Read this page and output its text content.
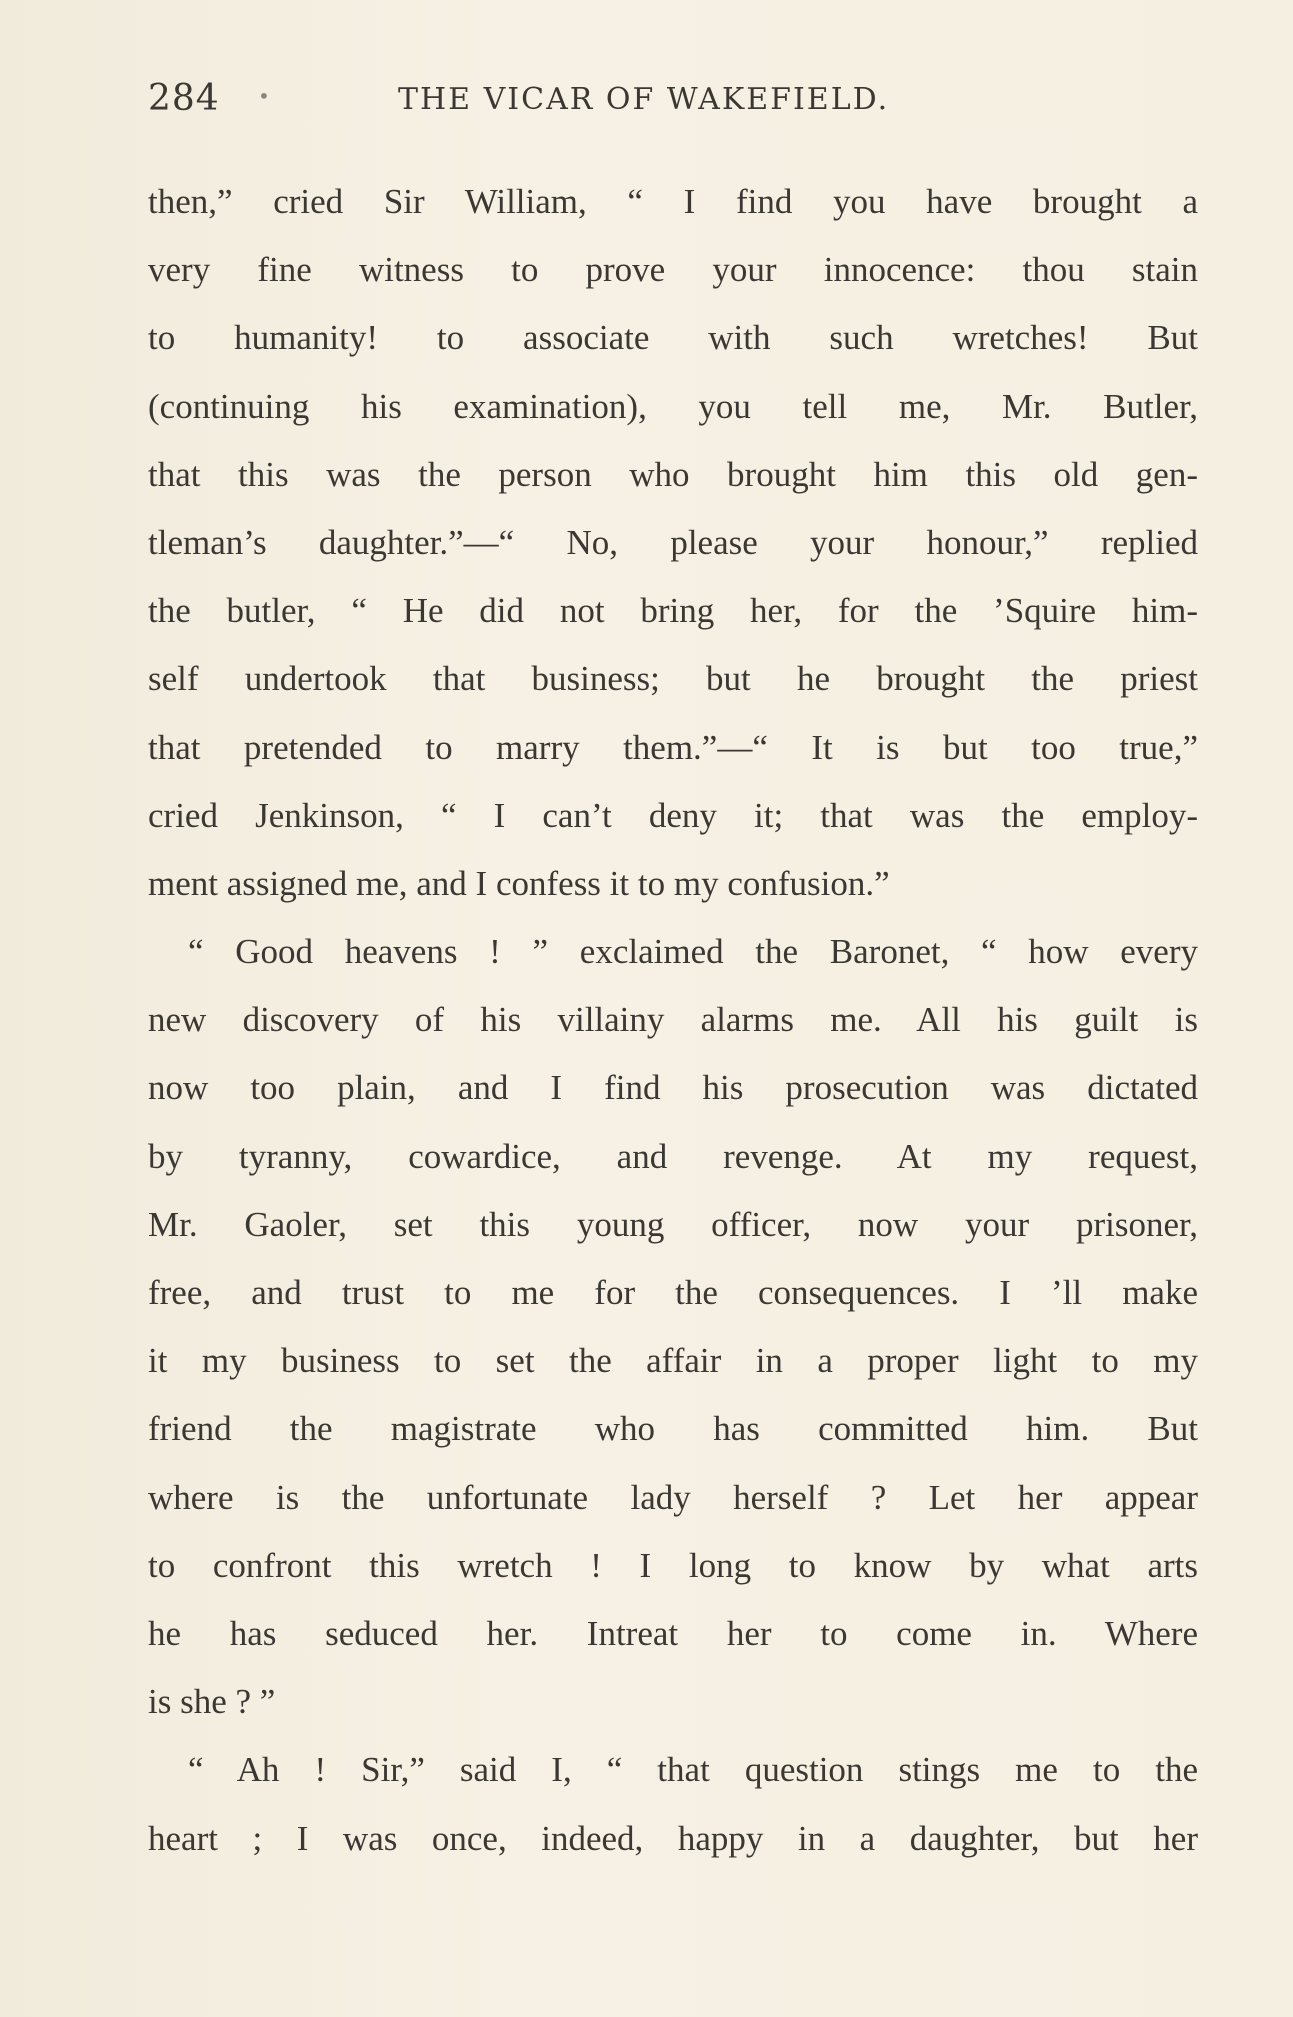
284 •	THE VICAR OF WAKEFIELD.
then,” cried Sir William, “ I find you have brought a
very fine witness to prove your innocence: thou stain
to humanity! to associate with such wretches! But
(continuing his examination), you tell me, Mr. Butler,
that this was the person who brought him this old gen-
tleman’s daughter.”—“ No, please your honour,” replied
the butler, “ He did not bring her, for the ’Squire him-
self undertook that business; but he brought the priest
that pretended to marry them.”—“ It is but too true,”
cried Jenkinson, “ I can’t deny it; that was the employ-
ment assigned me, and I confess it to my confusion.”
“ Good heavens ! ” exclaimed the Baronet, “ how every
new discovery of his villainy alarms me. All his guilt is
now too plain, and I find his prosecution was dictated
by tyranny, cowardice, and revenge. At my request,
Mr. Gaoler, set this young officer, now your prisoner,
free, and trust to me for the consequences. I ’ll make
it my business to set the affair in a proper light to my
friend the magistrate who has committed him. But
where is the unfortunate lady herself ? Let her appear
to confront this wretch ! I long to know by what arts
he has seduced her. Intreat her to come in. Where
is she ? ”
“ Ah ! Sir,” said I, “ that question stings me to the
heart ; I was once, indeed, happy in a daughter, but her
